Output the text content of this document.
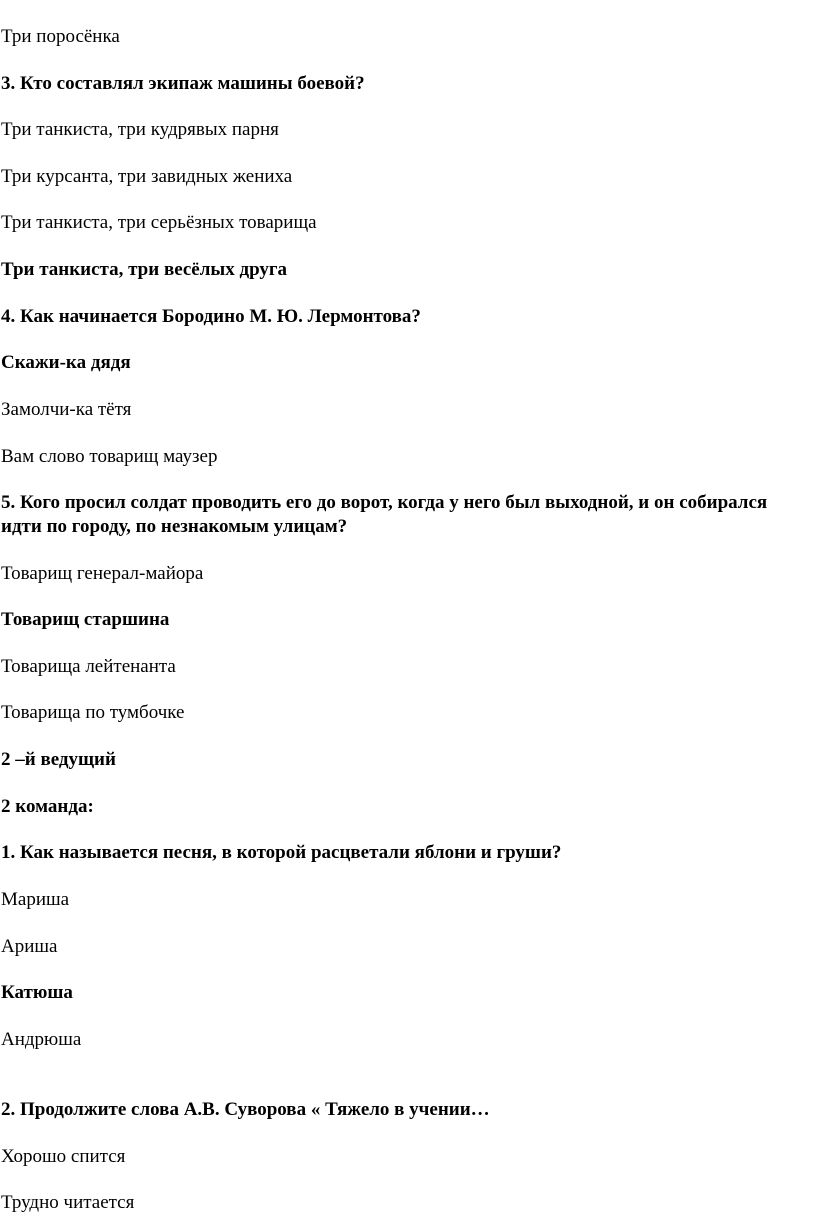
Три поросёнка
3. Кто составлял экипаж машины боевой?
Три танкиста, три кудрявых парня
Три курсанта, три завидных жениха
Три танкиста, три серьёзных товарища
Три танкиста, три весёлых друга
4. Как начинается Бородино М. Ю. Лермонтова?
Скажи-ка дядя
Замолчи-ка тётя
Вам слово товарищ маузер
5. Кого просил солдат проводить его до ворот, когда у него был выходной, и он собирался идти по городу, по незнакомым улицам?
Товарищ генерал-майора
Товарищ старшина
Товарища лейтенанта
Товарища по тумбочке
2 –й ведущий
2 команда:
1. Как называется песня, в которой расцветали яблони и груши?
Мариша
Ариша
Катюша
Андрюша
2. Продолжите слова А.В. Суворова « Тяжело в учении…
Хорошо спится
Трудно читается
